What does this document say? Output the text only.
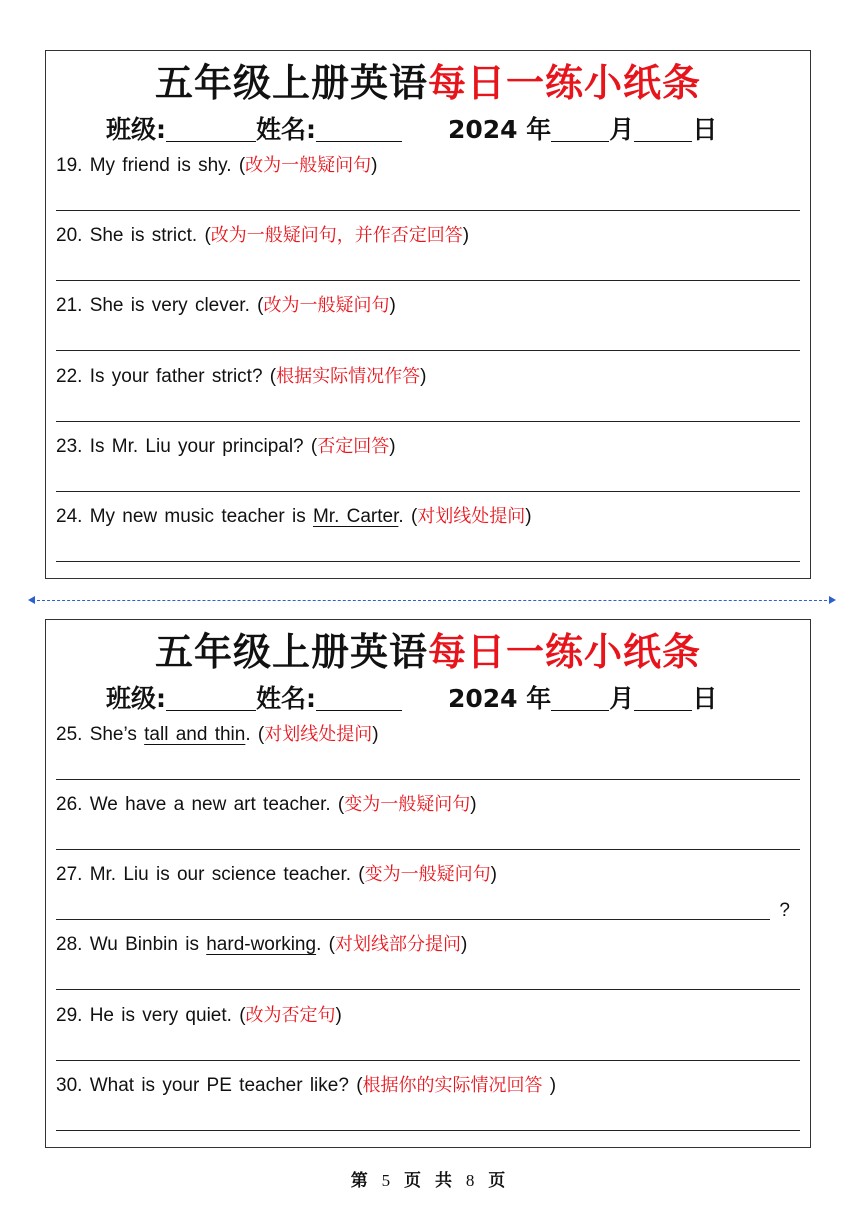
五年级上册英语每日一练小纸条
班级:	姓名:	2024 年 月 日
19. My friend is shy. (改为一般疑问句)
20. She is strict. (改为一般疑问句，并作否定回答)
21. She is very clever. (改为一般疑问句)
22. Is your father strict? (根据实际情况作答)
23. Is Mr. Liu your principal? (否定回答)
24. My new music teacher is Mr. Carter. (对划线处提问)
五年级上册英语每日一练小纸条
班级:	姓名:	2024 年 月 日
25. She’s tall and thin. (对划线处提问)
26. We have a new art teacher. (变为一般疑问句)
27. Mr. Liu is our science teacher. (变为一般疑问句)
?
28. Wu Binbin is hard-working. (对划线部分提问)
29. He is very quiet. (改为否定句)
30. What is your PE teacher like? (根据你的实际情况回答 )
第 5 页 共 8 页
